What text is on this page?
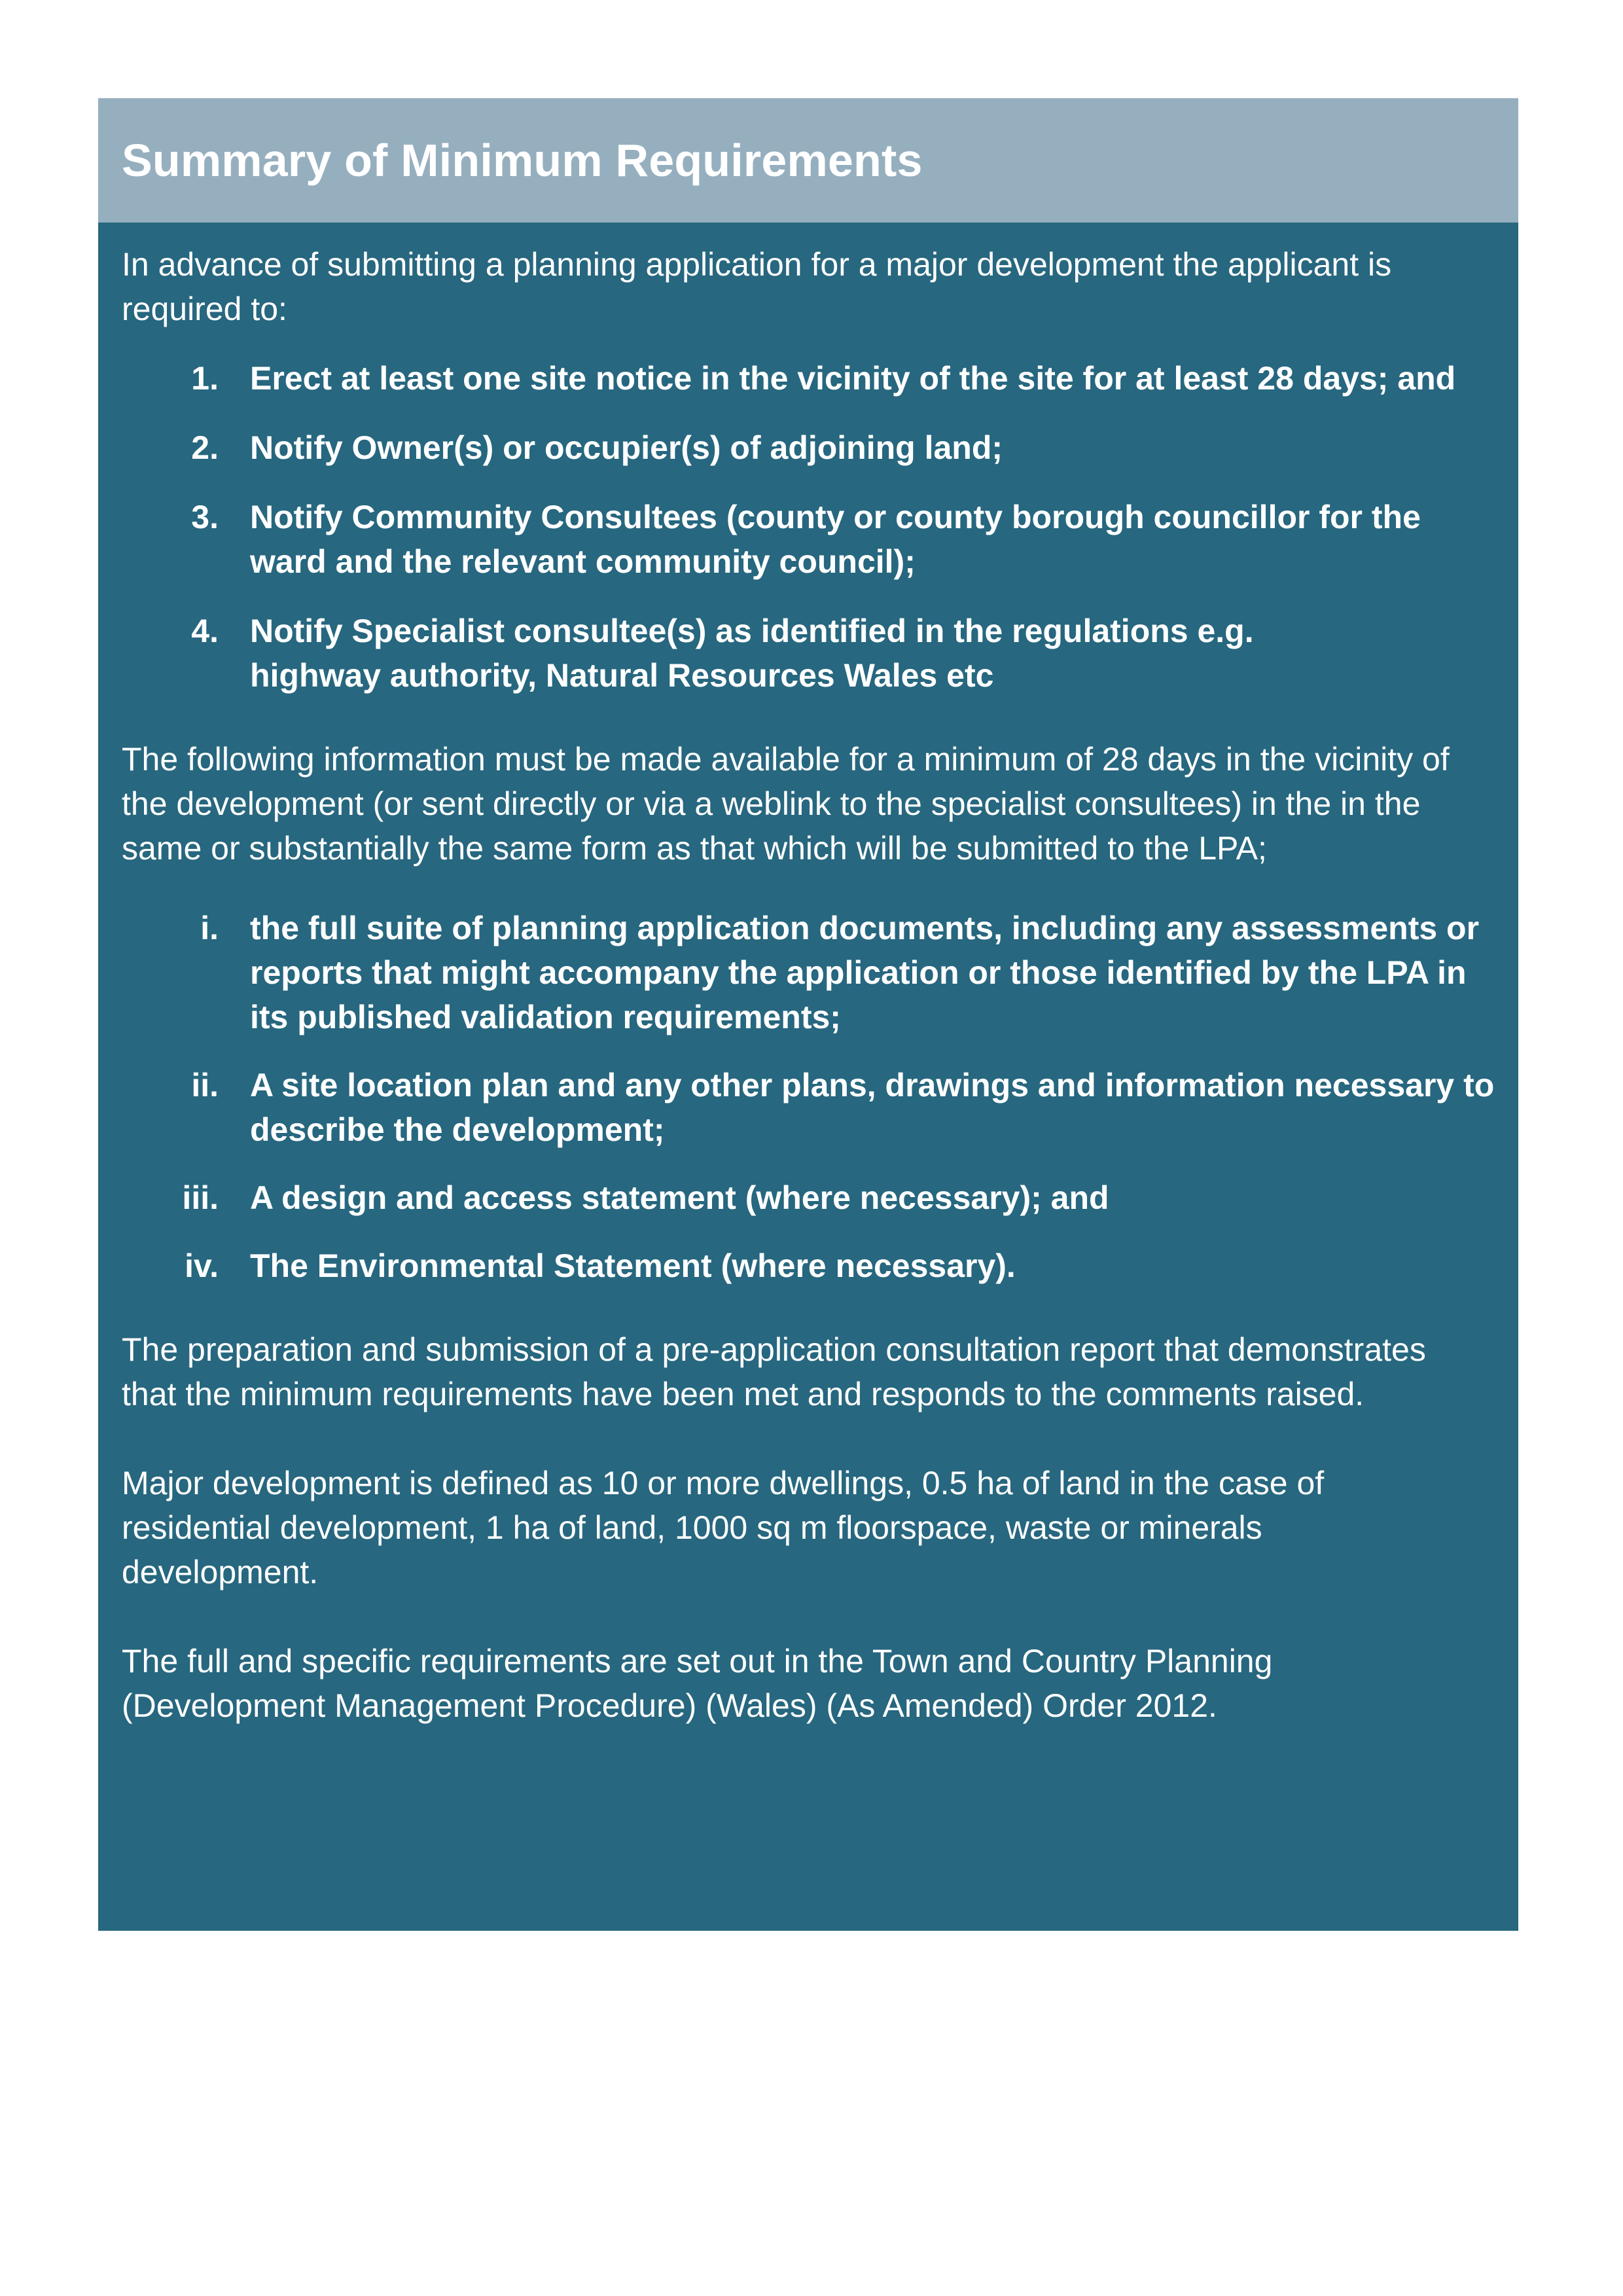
Summary of Minimum Requirements

In advance of submitting a planning application for a major development the applicant is required to:

1. Erect at least one site notice in the vicinity of the site for at least 28 days; and
2. Notify Owner(s) or occupier(s) of adjoining land;
3. Notify Community Consultees (county or county borough councillor for the ward and the relevant community council);
4. Notify Specialist consultee(s) as identified in the regulations e.g. highway authority, Natural Resources Wales etc

The following information must be made available for a minimum of 28 days in the vicinity of the development (or sent directly or via a weblink to the specialist consultees) in the in the same or substantially the same form as that which will be submitted to the LPA;

i. the full suite of planning application documents, including any assessments or reports that might accompany the application or those identified by the LPA in its published validation requirements;
ii. A site location plan and any other plans, drawings and information necessary to describe the development;
iii. A design and access statement (where necessary); and
iv. The Environmental Statement (where necessary).

The preparation and submission of a pre-application consultation report that demonstrates that the minimum requirements have been met and responds to the comments raised.

Major development is defined as 10 or more dwellings, 0.5 ha of land in the case of residential development, 1 ha of land, 1000 sq m floorspace, waste or minerals development.

The full and specific requirements are set out in the Town and Country Planning (Development Management Procedure) (Wales) (As Amended) Order 2012.
